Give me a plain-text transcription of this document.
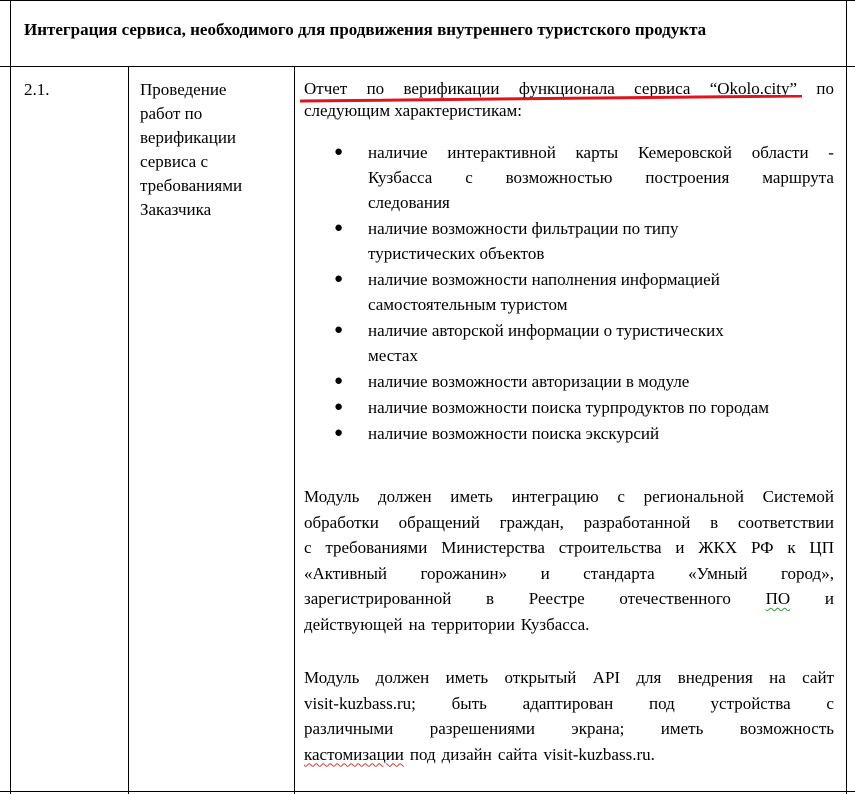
Интеграция сервиса, необходимого для продвижения внутреннего туристского продукта
2.1.	Проведение
работ по
верификации
сервиса с
требованиями
Заказчика
Отчет по верификации функционала сервиса “Okolo.city” по
следующим характеристикам:
● наличие интерактивной карты Кемеровской области -
Кузбасса с возможностью построения маршрута
следования
● наличие возможности фильтрации по типу
туристических объектов
● наличие возможности наполнения информацией
самостоятельным туристом
● наличие авторской информации о туристических
местах
● наличие возможности авторизации в модуле
● наличие возможности поиска турпродуктов по городам
● наличие возможности поиска экскурсий
Модуль должен иметь интеграцию с региональной Системой
обработки обращений граждан, разработанной в соответствии
с требованиями Министерства строительства и ЖКХ РФ к ЦП
«Активный горожанин» и стандарта «Умный город»,
зарегистрированной в Реестре отечественного ПО и
действующей на территории Кузбасса.
Модуль должен иметь открытый API для внедрения на сайт
visit-kuzbass.ru; быть адаптирован под устройства с
различными разрешениями экрана; иметь возможность
кастомизации под дизайн сайта visit-kuzbass.ru.
